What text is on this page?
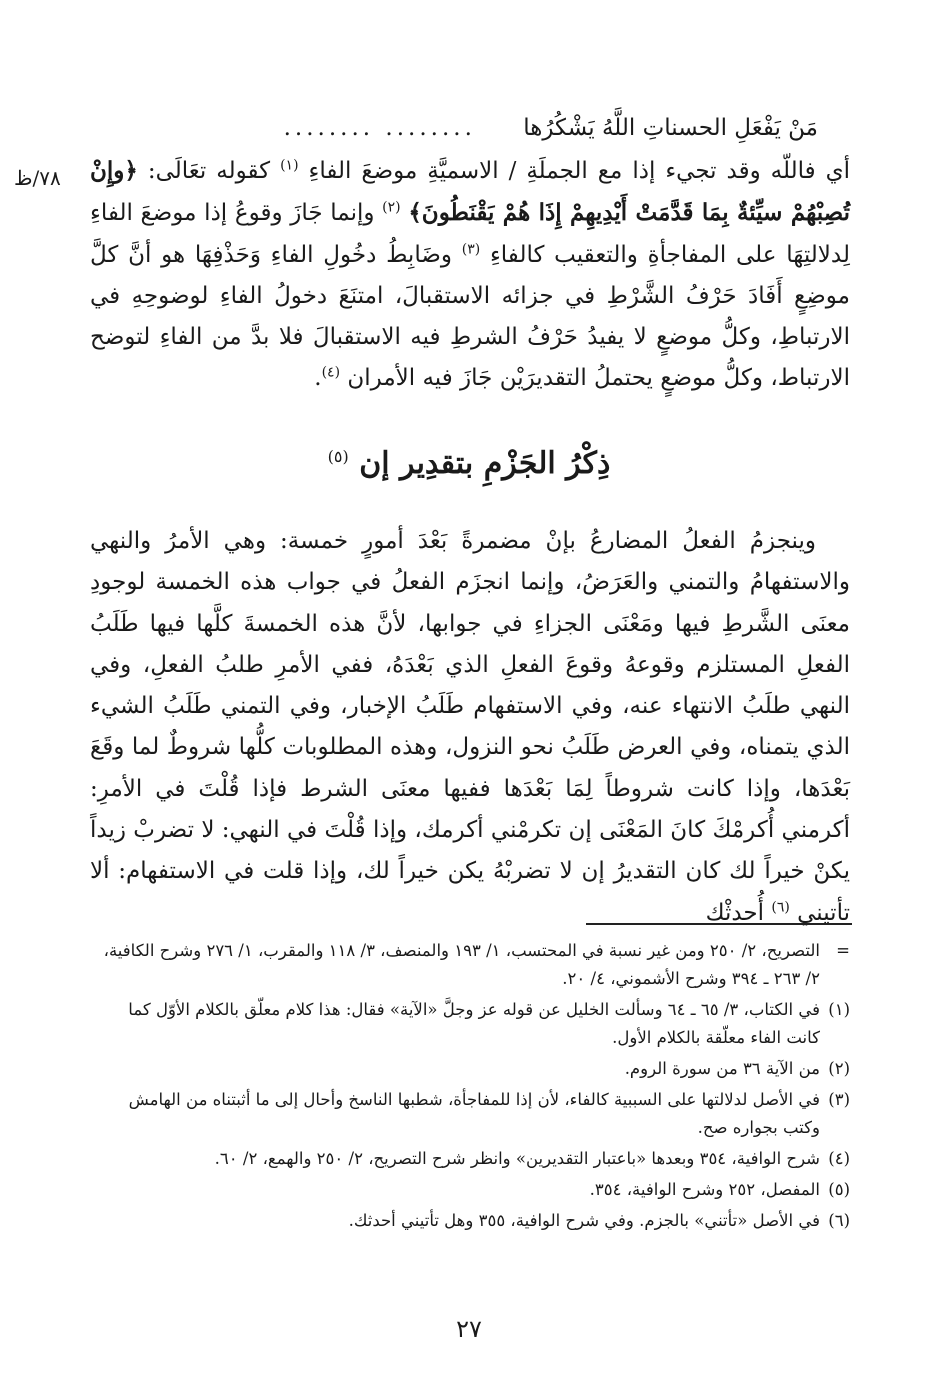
مَنْ يَفْعَلِ الحسناتِ اللَّهُ يَشْكُرُها ........ ........
٧٨/ظ	أي فاللّه وقد تجيء إذا مع الجملَةِ / الاسميَّةِ موضعَ الفاءِ $^{(١)}$ كقوله تعَالَى: ﴿وإِنْ تُصِبْهُمْ سيِّئةٌ بِمَا قَدَّمَتْ أَيْدِيهِمْ إِذَا هُمْ يَقْنَطُونَ﴾ $^{(٢)}$ وإنما جَازَ وقوعُ إذا موضعَ الفاءِ لِدلالتِهَا على المفاجأةِ والتعقيب كالفاءِ $^{(٣)}$ وضَابِطُ دخُولِ الفاءِ وَحَذْفِهَا هو أنَّ كلَّ موضِعٍ أَفَادَ حَرْفُ الشَّرْطِ في جزائه الاستقبالَ، امتنَعَ دخولُ الفاءِ لوضوحِهِ في الارتباطِ، وكلُّ موضعٍ لا يفيدُ حَرْفُ الشرطِ فيه الاستقبالَ فلا بدَّ من الفاءِ لتوضح الارتباط، وكلُّ موضعٍ يحتملُ التقديرَيْن جَازَ فيه الأمران $^{(٤)}$.

ذِكْرُ الجَزْمِ بتقدِير إن $^{(٥)}$

وينجزمُ الفعلُ المضارعُ بإنْ مضمرةً بَعْدَ أمورٍ خمسة: وهي الأمرُ والنهي والاستفهامُ والتمني والعَرَضُ، وإنما انجزَم الفعلُ في جواب هذه الخمسة لوجودِ معنَى الشَّرطِ فيها ومَعْنَى الجزاءِ في جوابها، لأنَّ هذه الخمسةَ كلَّها فيها طَلَبُ الفعلِ المستلزم وقوعهُ وقوعَ الفعلِ الذي بَعْدَهُ، ففي الأمرِ طلبُ الفعلِ، وفي النهي طلَبُ الانتهاء عنه، وفي الاستفهام طَلَبُ الإخبار، وفي التمني طَلَبُ الشيء الذي يتمناه، وفي العرض طَلَبُ نحو النزول، وهذه المطلوبات كلُّها شروطٌ لما وقَعَ بَعْدَها، وإذا كانت شروطاً لِمَا بَعْدَها ففيها معنَى الشرط فإذا قُلْتَ في الأمرِ: أكرمني أُكرمْكَ كانَ المَعْنَى إن تكرمْني أكرمك، وإذا قُلْتَ في النهي: لا تضربْ زيداً يكنْ خيراً لك كان التقديرُ إن لا تضربْهُ يكن خيراً لك، وإذا قلت في الاستفهام: ألا تأتيني $^{(٦)}$ أُحدثْك

=
التصريح، ٢/ ٢٥٠ ومن غير نسبة في المحتسب، ١/ ١٩٣ والمنصف، ٣/ ١١٨ والمقرب، ١/ ٢٧٦ وشرح الكافية، ٢/ ٢٦٣ ـ ٣٩٤ وشرح الأشموني، ٤/ ٢٠.
(١)
في الكتاب، ٣/ ٦٥ ـ ٦٤ وسألت الخليل عن قوله عز وجلَّ «الآية» فقال: هذا كلام معلّق بالكلام الأوّل كما كانت الفاء معلّقة بالكلام الأول.
(٢)
من الآية ٣٦ من سورة الروم.
(٣)
في الأصل لدلالتها على السببية كالفاء، لأن إذا للمفاجأة، شطبها الناسخ وأحال إلى ما أثبتناه من الهامش وكتب بجواره صح.
(٤)
شرح الوافية، ٣٥٤ وبعدها «باعتبار التقديرين» وانظر شرح التصريح، ٢/ ٢٥٠ والهمع، ٢/ ٦٠.
(٥)
المفصل، ٢٥٢ وشرح الوافية، ٣٥٤.
(٦)
في الأصل «تأتني» بالجزم. وفي شرح الوافية، ٣٥٥ وهل تأتيني أحدثك.
٢٧
